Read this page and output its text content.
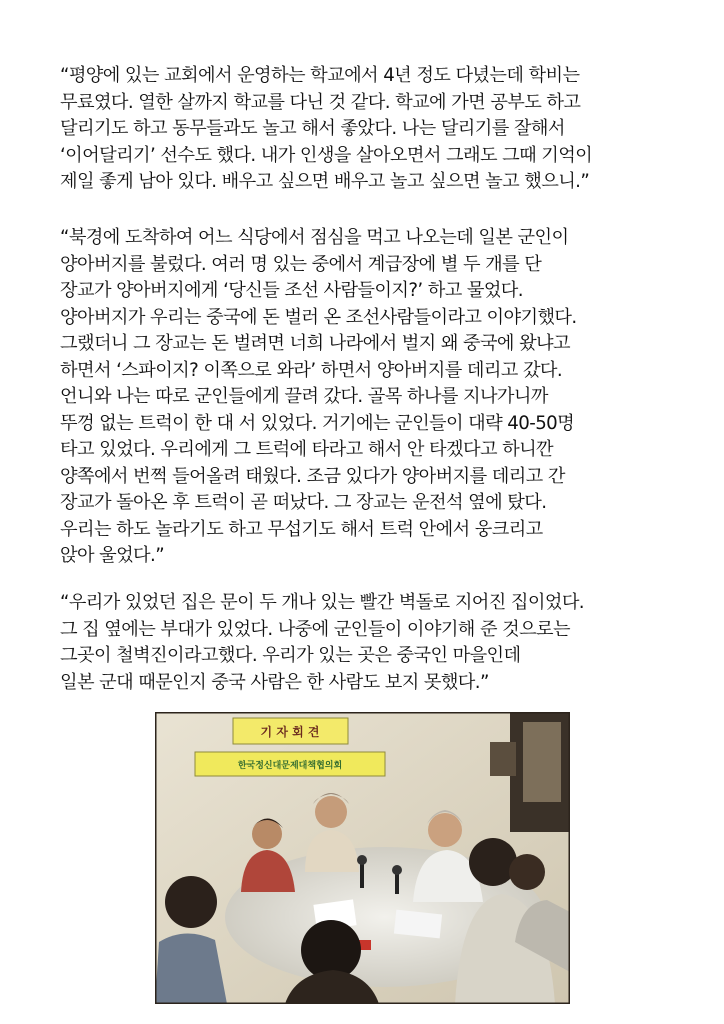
“평양에 있는 교회에서 운영하는 학교에서 4년 정도 다녔는데 학비는
무료였다. 열한 살까지 학교를 다닌 것 같다. 학교에 가면 공부도 하고
달리기도 하고 동무들과도 놀고 해서 좋았다. 나는 달리기를 잘해서
‘이어달리기’ 선수도 했다. 내가 인생을 살아오면서 그래도 그때 기억이
제일 좋게 남아 있다. 배우고 싶으면 배우고 놀고 싶으면 놀고 했으니.”
“북경에 도착하여 어느 식당에서 점심을 먹고 나오는데 일본 군인이
양아버지를 불렀다. 여러 명 있는 중에서 계급장에 별 두 개를 단
장교가 양아버지에게 ‘당신들 조선 사람들이지?’ 하고 물었다.
양아버지가 우리는 중국에 돈 벌러 온 조선사람들이라고 이야기했다.
그랬더니 그 장교는 돈 벌려면 너희 나라에서 벌지 왜 중국에 왔냐고
하면서 ‘스파이지? 이쪽으로 와라’ 하면서 양아버지를 데리고 갔다.
언니와 나는 따로 군인들에게 끌려 갔다. 골목 하나를 지나가니까
뚜껑 없는 트럭이 한 대 서 있었다. 거기에는 군인들이 대략 40-50명
타고 있었다. 우리에게 그 트럭에 타라고 해서 안 타겠다고 하니깐
양쪽에서 번쩍 들어올려 태웠다. 조금 있다가 양아버지를 데리고 간
장교가 돌아온 후 트럭이 곧 떠났다. 그 장교는 운전석 옆에 탔다.
우리는 하도 놀라기도 하고 무섭기도 해서 트럭 안에서 웅크리고
앉아 울었다.”
“우리가 있었던 집은 문이 두 개나 있는 빨간 벽돌로 지어진 집이었다.
그 집 옆에는 부대가 있었다. 나중에 군인들이 이야기해 준 것으로는
그곳이 철벽진이라고했다. 우리가 있는 곳은 중국인 마을인데
일본 군대 때문인지 중국 사람은 한 사람도 보지 못했다.”
기 자 회 견
한국정신대문제대책협의회
